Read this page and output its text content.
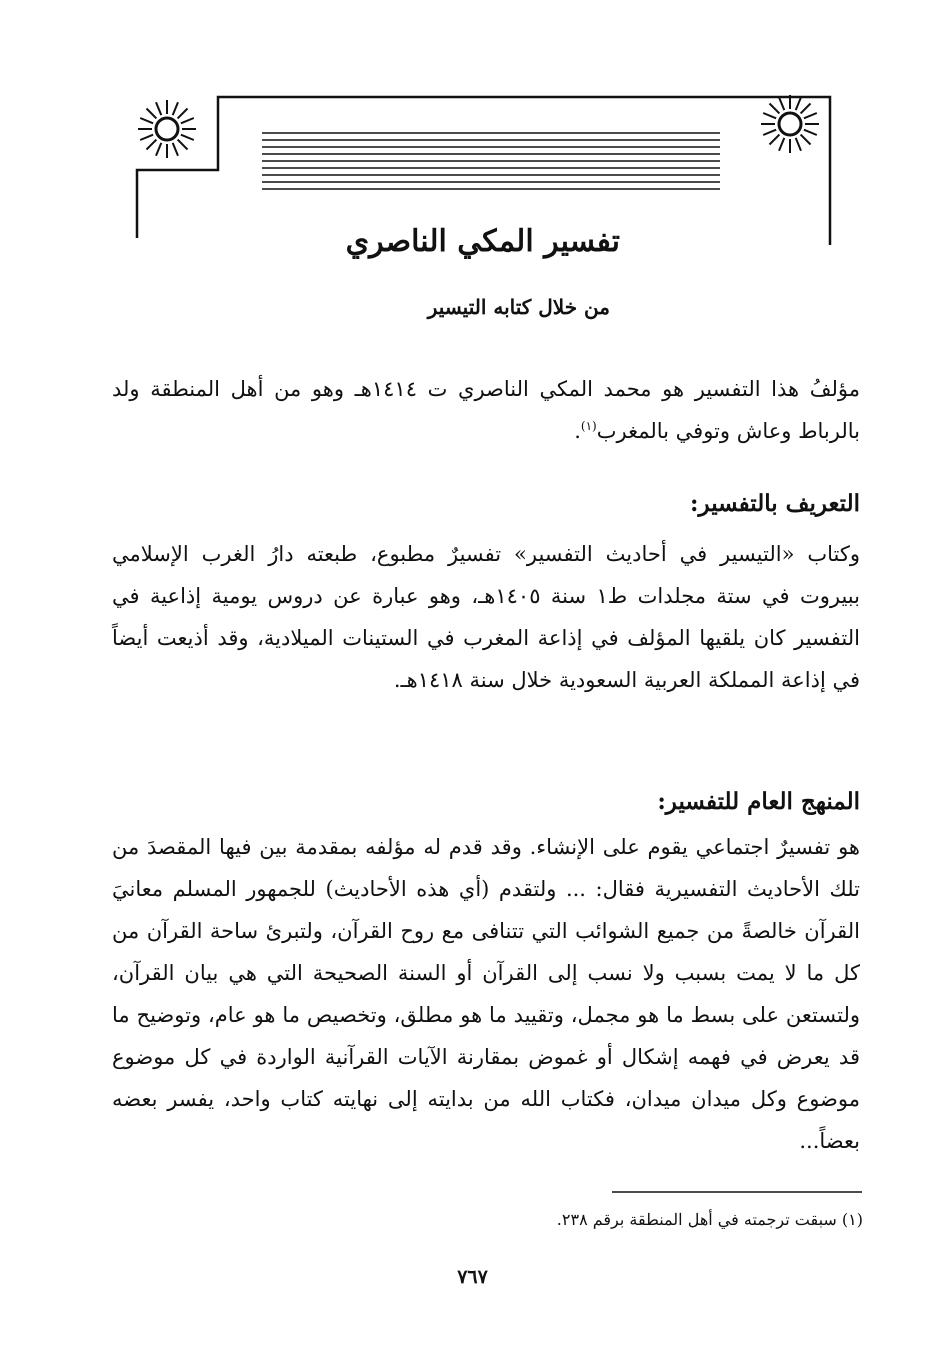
تفسير المكي الناصري
من خلال كتابه التيسير

مؤلفُ هذا التفسير هو محمد المكي الناصري ت ١٤١٤هـ وهو من أهل المنطقة ولد بالرباط وعاش وتوفي بالمغرب$^{(١)}$.

التعريف بالتفسير:

وكتاب «التيسير في أحاديث التفسير» تفسيرٌ مطبوع، طبعته دارُ الغرب الإسلامي ببيروت في ستة مجلدات ط١ سنة ١٤٠٥هـ، وهو عبارة عن دروس يومية إذاعية في التفسير كان يلقيها المؤلف في إذاعة المغرب في الستينات الميلادية، وقد أذيعت أيضاً في إذاعة المملكة العربية السعودية خلال سنة ١٤١٨هـ.

المنهج العام للتفسير:

هو تفسيرٌ اجتماعي يقوم على الإنشاء. وقد قدم له مؤلفه بمقدمة بين فيها المقصدَ من تلك الأحاديث التفسيرية فقال: ... ولتقدم (أي هذه الأحاديث) للجمهور المسلم معانيَ القرآن خالصةً من جميع الشوائب التي تتنافى مع روح القرآن، ولتبرئ ساحة القرآن من كل ما لا يمت بسبب ولا نسب إلى القرآن أو السنة الصحيحة التي هي بيان القرآن، ولتستعن على بسط ما هو مجمل، وتقييد ما هو مطلق، وتخصيص ما هو عام، وتوضيح ما قد يعرض في فهمه إشكال أو غموض بمقارنة الآيات القرآنية الواردة في كل موضوع موضوع وكل ميدان ميدان، فكتاب الله من بدايته إلى نهايته كتاب واحد، يفسر بعضه بعضاً...

(١) سبقت ترجمته في أهل المنطقة برقم ٢٣٨.
٧٦٧
